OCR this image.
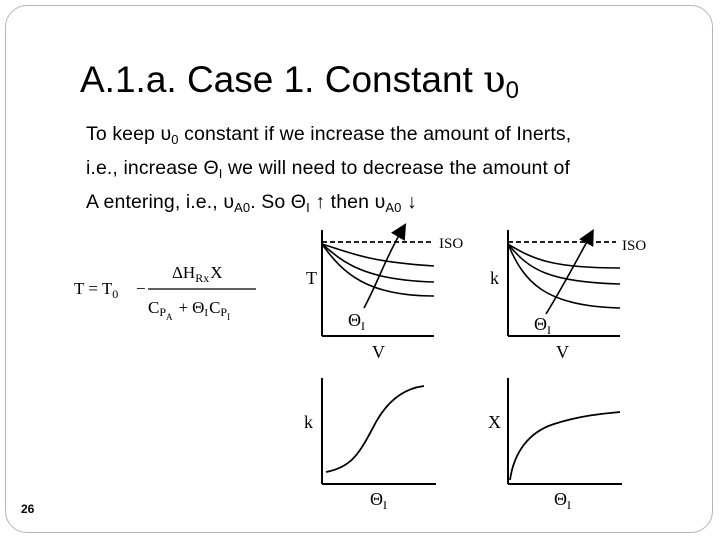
A.1.a. Case 1. Constant $\upsilon_0$

To keep $\upsilon_0$ constant if we increase the amount of Inerts,

i.e., increase $\Theta_I$ we will need to decrease the amount of

A entering, i.e., $\upsilon_{A0}$. So $\Theta_I$ ↑ then $\upsilon_{A0}$ ↓

$T = T_0$ −
$\Delta H_{Rx}X$
$CP_A + \Theta ICP_I$
ISO
T
V
$\Theta_I$
ISO
k
V
$\Theta_I$
k
$\Theta_I$
X
$\Theta_I$
26
